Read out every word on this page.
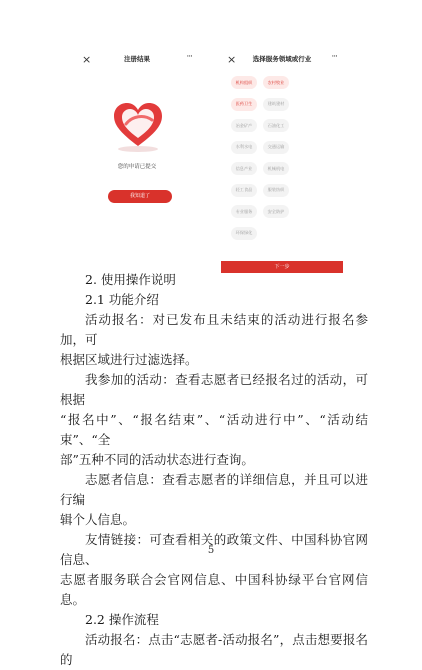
×	注册结果	···
您的申请已提交
我知道了
×	选择服务领域或行业	···
机构组织	农村牧业
医药卫生	建筑建材
冶金矿产	石油化工
水利水电	交通运输
信息产业	机械机电
轻工食品	服装纺织
专业服务	安全防护
环保绿化
下一步

2. 使用操作说明

2.1 功能介绍

活动报名：对已发布且未结束的活动进行报名参加，可

根据区域进行过滤选择。

我参加的活动：查看志愿者已经报名过的活动，可根据

“报名中”、“报名结束”、“活动进行中”、“活动结束”、“全

部”五种不同的活动状态进行查询。

志愿者信息：查看志愿者的详细信息，并且可以进行编

辑个人信息。

友情链接：可查看相关的政策文件、中国科协官网信息、

志愿者服务联合会官网信息、中国科协绿平台官网信息。

2.2 操作流程

活动报名：点击“志愿者-活动报名”，点击想要报名的

5
